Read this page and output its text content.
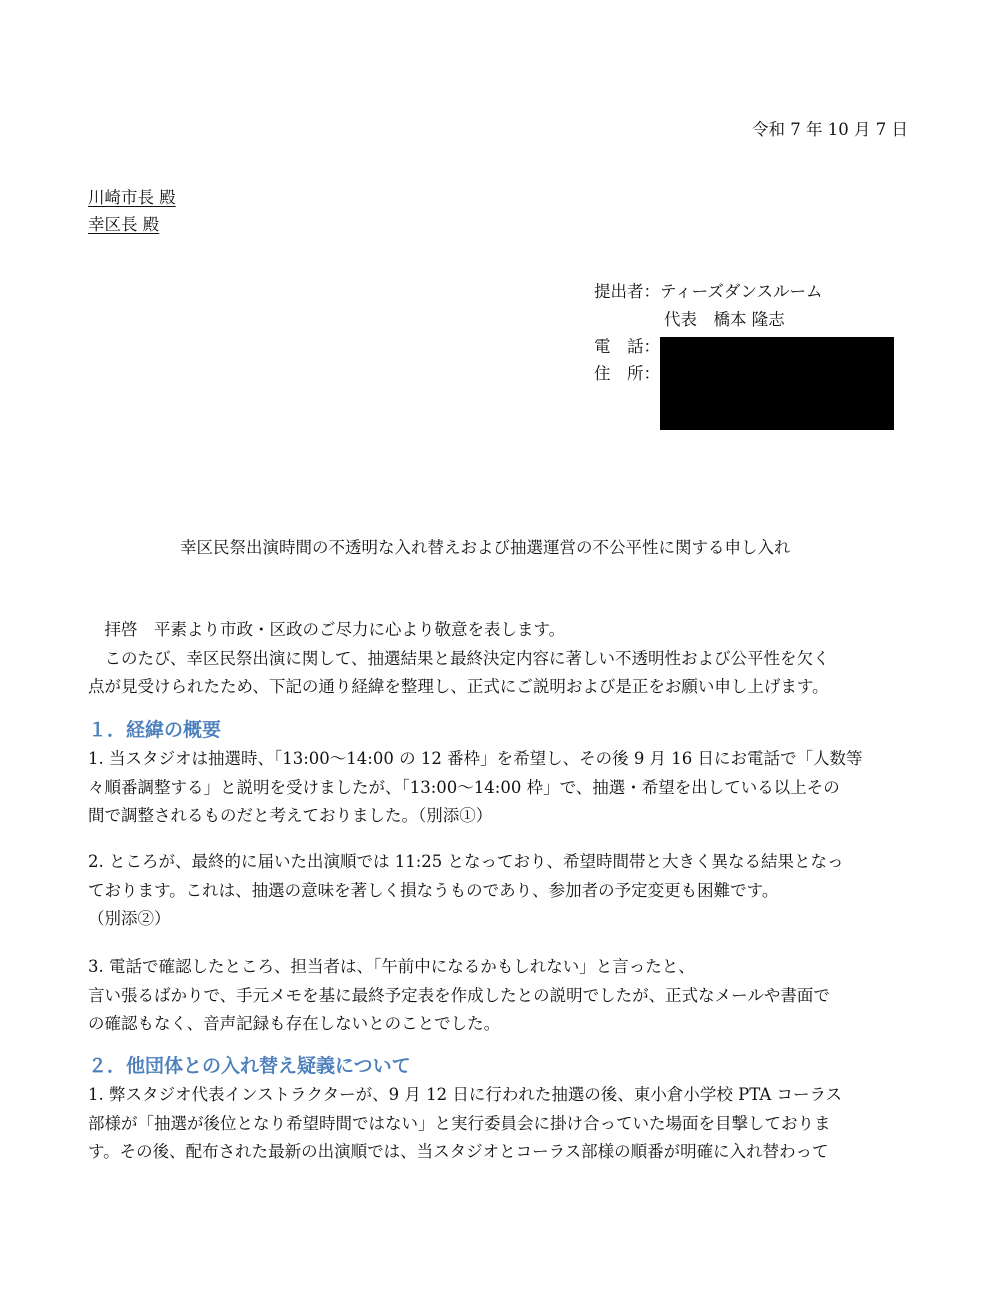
令和 7 年 10 月 7 日
川崎市長 殿
幸区長 殿
提出者：ティーズダンスルーム
代表　橋本 隆志
電　話：
住　所：
幸区民祭出演時間の不透明な入れ替えおよび抽選運営の不公平性に関する申し入れ
　拝啓　平素より市政・区政のご尽力に心より敬意を表します。
　このたび、幸区民祭出演に関して、抽選結果と最終決定内容に著しい不透明性および公平性を欠く
点が見受けられたため、下記の通り経緯を整理し、正式にご説明および是正をお願い申し上げます。
１．経緯の概要
1. 当スタジオは抽選時、「13:00～14:00 の 12 番枠」を希望し、その後 9 月 16 日にお電話で「人数等
々順番調整する」と説明を受けましたが、「13:00～14:00 枠」で、抽選・希望を出している以上その
間で調整されるものだと考えておりました。（別添①）
2. ところが、最終的に届いた出演順では 11:25 となっており、希望時間帯と大きく異なる結果となっ
ております。これは、抽選の意味を著しく損なうものであり、参加者の予定変更も困難です。
（別添②）
3. 電話で確認したところ、担当者は、「午前中になるかもしれない」と言ったと、
言い張るばかりで、手元メモを基に最終予定表を作成したとの説明でしたが、正式なメールや書面で
の確認もなく、音声記録も存在しないとのことでした。
２．他団体との入れ替え疑義について
1. 弊スタジオ代表インストラクターが、9 月 12 日に行われた抽選の後、東小倉小学校 PTA コーラス
部様が「抽選が後位となり希望時間ではない」と実行委員会に掛け合っていた場面を目撃しておりま
す。その後、配布された最新の出演順では、当スタジオとコーラス部様の順番が明確に入れ替わって
